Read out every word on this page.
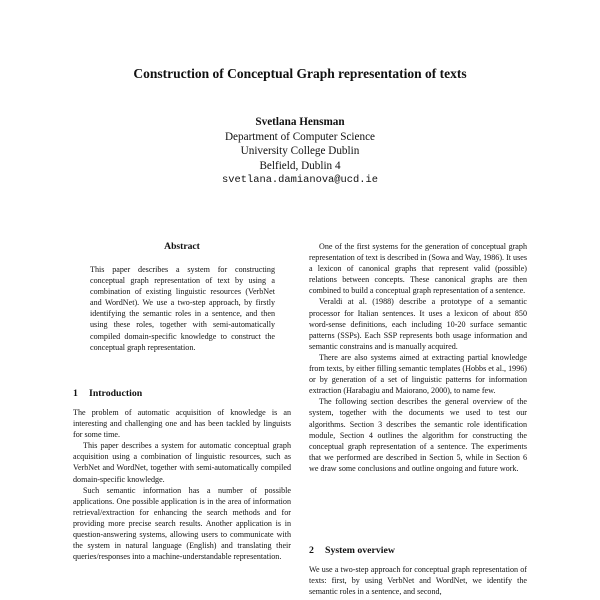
Construction of Conceptual Graph representation of texts
Svetlana Hensman
Department of Computer Science
University College Dublin
Belfield, Dublin 4
svetlana.damianova@ucd.ie
Abstract
This paper describes a system for constructing conceptual graph representation of text by using a combination of existing linguistic resources (VerbNet and WordNet). We use a two-step approach, by firstly identifying the semantic roles in a sentence, and then using these roles, together with semi-automatically compiled domain-specific knowledge to construct the conceptual graph representation.
1 Introduction

The problem of automatic acquisition of knowledge is an interesting and challenging one and has been tackled by linguists for some time.

This paper describes a system for automatic conceptual graph acquisition using a combination of linguistic resources, such as VerbNet and WordNet, together with semi-automatically compiled domain-specific knowledge.

Such semantic information has a number of possible applications. One possible application is in the area of information retrieval/extraction for enhancing the search methods and for providing more precise search results. Another application is in question-answering systems, allowing users to communicate with the system in natural language (English) and translating their queries/responses into a machine-understandable representation.

One of the first systems for the generation of conceptual graph representation of text is described in (Sowa and Way, 1986). It uses a lexicon of canonical graphs that represent valid (possible) relations between concepts. These canonical graphs are then combined to build a conceptual graph representation of a sentence.

Veraldi at al. (1988) describe a prototype of a semantic processor for Italian sentences. It uses a lexicon of about 850 word-sense definitions, each including 10-20 surface semantic patterns (SSPs). Each SSP represents both usage information and semantic constrains and is manually acquired.

There are also systems aimed at extracting partial knowledge from texts, by either filling semantic templates (Hobbs et al., 1996) or by generation of a set of linguistic patterns for information extraction (Harabagiu and Maiorano, 2000), to name few.

The following section describes the general overview of the system, together with the documents we used to test our algorithms. Section 3 describes the semantic role identification module, Section 4 outlines the algorithm for constructing the conceptual graph representation of a sentence. The experiments that we performed are described in Section 5, while in Section 6 we draw some conclusions and outline ongoing and future work.

2 System overview

We use a two-step approach for conceptual graph representation of texts: first, by using VerbNet and WordNet, we identify the semantic roles in a sentence, and second,
